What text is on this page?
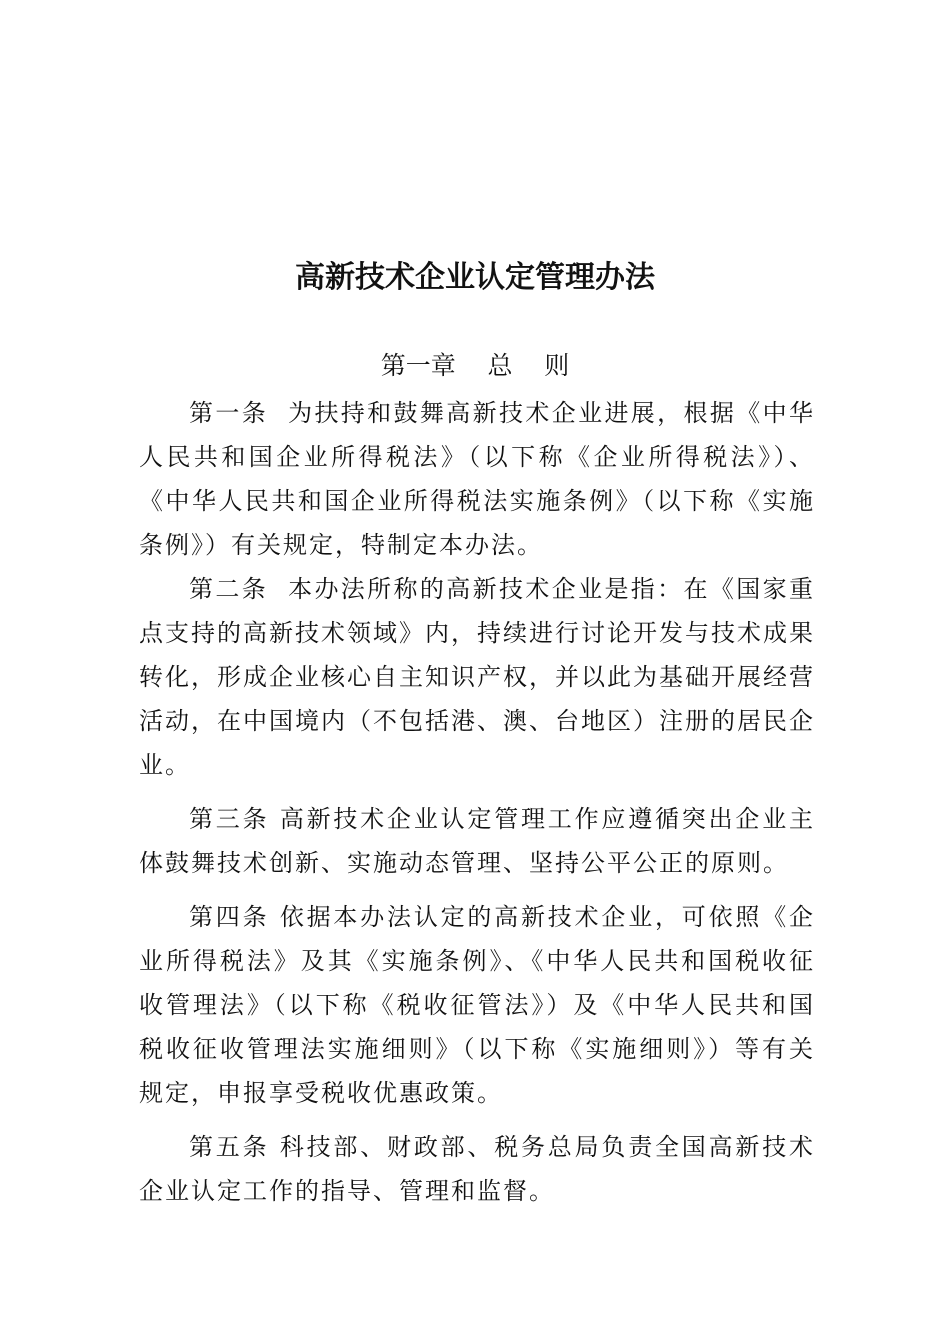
高新技术企业认定管理办法
第一章    总    则

第一条  为扶持和鼓舞高新技术企业进展，根据《中华人民共和国企业所得税法》（以下称《企业所得税法》）、《中华人民共和国企业所得税法实施条例》（以下称《实施条例》）有关规定，特制定本办法。

第二条  本办法所称的高新技术企业是指：在《国家重点支持的高新技术领域》内，持续进行讨论开发与技术成果转化，形成企业核心自主知识产权，并以此为基础开展经营活动，在中国境内（不包括港、澳、台地区）注册的居民企业。

第三条 高新技术企业认定管理工作应遵循突出企业主体鼓舞技术创新、实施动态管理、坚持公平公正的原则。

第四条 依据本办法认定的高新技术企业，可依照《企业所得税法》及其《实施条例》、《中华人民共和国税收征收管理法》（以下称《税收征管法》）及《中华人民共和国税收征收管理法实施细则》（以下称《实施细则》）等有关规定，申报享受税收优惠政策。

第五条 科技部、财政部、税务总局负责全国高新技术企业认定工作的指导、管理和监督。
